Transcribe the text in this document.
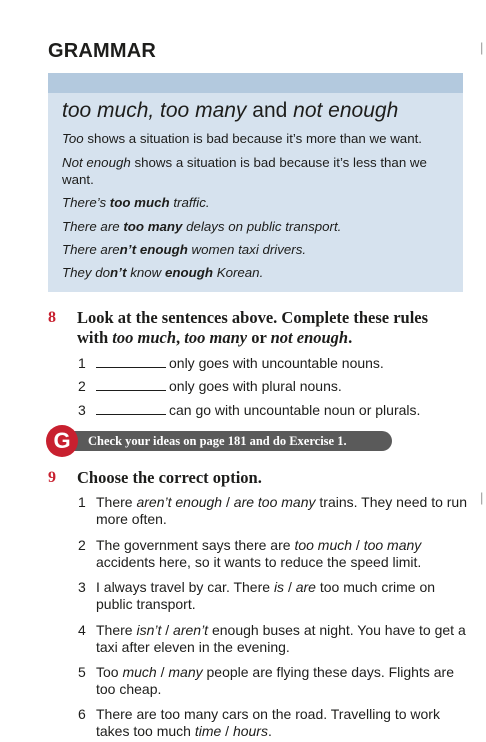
GRAMMAR	|
|
too much, too many and not enough
Too shows a situation is bad because it’s more than we want.
Not enough shows a situation is bad because it’s less than we want.
There’s too much traffic.
There are too many delays on public transport.
There aren’t enough women taxi drivers.
They don’t know enough Korean.
8 Look at the sentences above. Complete these rules with too much, too many or not enough.
1	only goes with uncountable nouns.
2	only goes with plural nouns.
3	can go with uncountable noun or plurals.
G	Check your ideas on page 181 and do Exercise 1.
9 Choose the correct option.
1 There aren’t enough / are too many trains. They need to run more often.
2 The government says there are too much / too many accidents here, so it wants to reduce the speed limit.
3 I always travel by car. There is / are too much crime on public transport.
4 There isn’t / aren’t enough buses at night. You have to get a taxi after eleven in the evening.
5 Too much / many people are flying these days. Flights are too cheap.
6 There are too many cars on the road. Travelling to work takes too much time / hours.
